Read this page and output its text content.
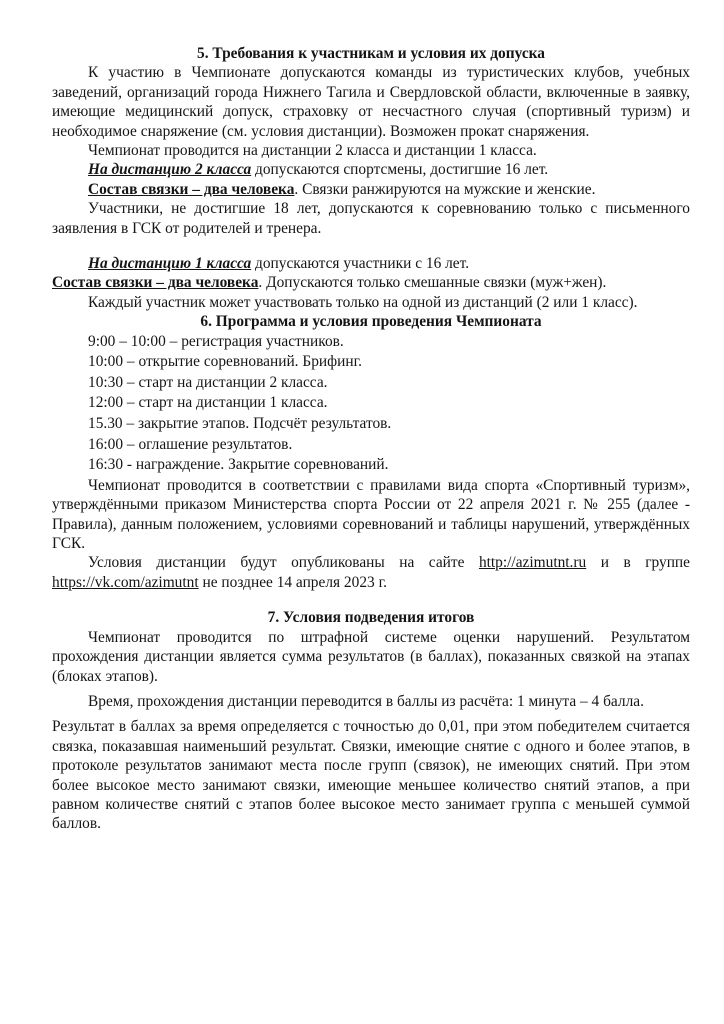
5. Требования к участникам и условия их допуска

К участию в Чемпионате допускаются команды из туристических клубов, учебных заведений, организаций города Нижнего Тагила и Свердловской области, включенные в заявку, имеющие медицинский допуск, страховку от несчастного случая (спортивный туризм) и необходимое снаряжение (см. условия дистанции). Возможен прокат снаряжения.

Чемпионат проводится на дистанции 2 класса и дистанции 1 класса.

На дистанцию 2 класса допускаются спортсмены, достигшие 16 лет.

Состав связки – два человека. Связки ранжируются на мужские и женские.

Участники, не достигшие 18 лет, допускаются к соревнованию только с письменного заявления в ГСК от родителей и тренера.

На дистанцию 1 класса допускаются участники с 16 лет.

Состав связки – два человека. Допускаются только смешанные связки (муж+жен).

Каждый участник может участвовать только на одной из дистанций (2 или 1 класс).

6. Программа и условия проведения Чемпионата
9:00 – 10:00 – регистрация участников.
10:00 – открытие соревнований. Брифинг.
10:30 – старт на дистанции 2 класса.
12:00 – старт на дистанции 1 класса.
15.30 – закрытие этапов. Подсчёт результатов.
16:00 – оглашение результатов.
16:30 - награждение. Закрытие соревнований.

Чемпионат проводится в соответствии с правилами вида спорта «Спортивный туризм», утверждёнными приказом Министерства спорта России от 22 апреля 2021 г. № 255 (далее - Правила), данным положением, условиями соревнований и таблицы нарушений, утверждённых ГСК.

Условия дистанции будут опубликованы на сайте http://azimutnt.ru и в группе https://vk.com/azimutnt не позднее 14 апреля 2023 г.

7. Условия подведения итогов

Чемпионат проводится по штрафной системе оценки нарушений. Результатом прохождения дистанции является сумма результатов (в баллах), показанных связкой на этапах (блоках этапов).

Время, прохождения дистанции переводится в баллы из расчёта: 1 минута – 4 балла.

Результат в баллах за время определяется с точностью до 0,01, при этом победителем считается связка, показавшая наименьший результат. Связки, имеющие снятие с одного и более этапов, в протоколе результатов занимают места после групп (связок), не имеющих снятий. При этом более высокое место занимают связки, имеющие меньшее количество снятий этапов, а при равном количестве снятий с этапов более высокое место занимает группа с меньшей суммой баллов.
